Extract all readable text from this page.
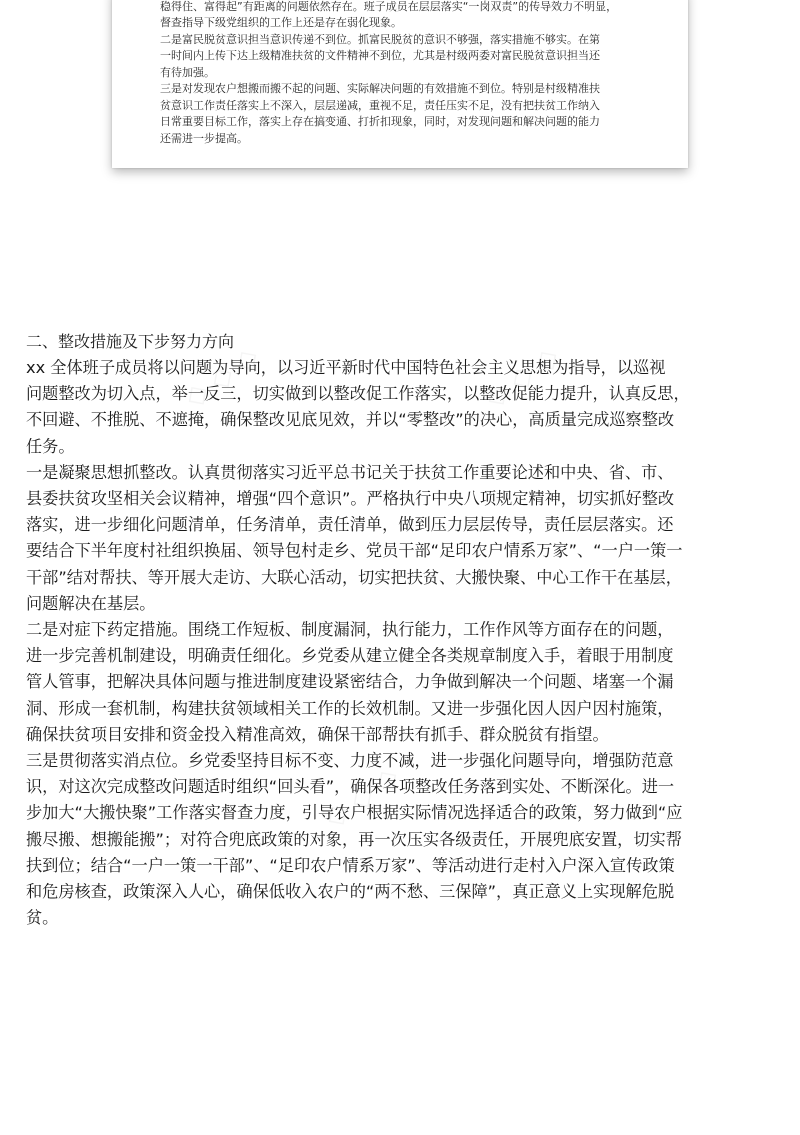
稳得住、富得起”有距离的问题依然存在。班子成员在层层落实“一岗双责”的传导效力不明显，
督查指导下级党组织的工作上还是存在弱化现象。
二是富民脱贫意识担当意识传递不到位。抓富民脱贫的意识不够强，落实措施不够实。在第
一时间内上传下达上级精准扶贫的文件精神不到位，尤其是村级两委对富民脱贫意识担当还
有待加强。
三是对发现农户想搬而搬不起的问题、实际解决问题的有效措施不到位。特别是村级精准扶
贫意识工作责任落实上不深入，层层递减，重视不足，责任压实不足，没有把扶贫工作纳入
日常重要目标工作，落实上存在搞变通、打折扣现象，同时，对发现问题和解决问题的能力
还需进一步提高。
◇ ◇ ◇	◇ ◇ ◇
◇ ◇ ◇
二、整改措施及下步努力方向
xx 全体班子成员将以问题为导向，以习近平新时代中国特色社会主义思想为指导，以巡视
问题整改为切入点，举一反三，切实做到以整改促工作落实，以整改促能力提升，认真反思，
不回避、不推脱、不遮掩，确保整改见底见效，并以“零整改”的决心，高质量完成巡察整改
任务。
一是凝聚思想抓整改。认真贯彻落实习近平总书记关于扶贫工作重要论述和中央、省、市、
县委扶贫攻坚相关会议精神，增强“四个意识”。严格执行中央八项规定精神，切实抓好整改
落实，进一步细化问题清单，任务清单，责任清单，做到压力层层传导，责任层层落实。还
要结合下半年度村社组织换届、领导包村走乡、党员干部“足印农户情系万家”、“一户一策一
干部”结对帮扶、等开展大走访、大联心活动，切实把扶贫、大搬快聚、中心工作干在基层，
问题解决在基层。
二是对症下药定措施。围绕工作短板、制度漏洞，执行能力，工作作风等方面存在的问题，
进一步完善机制建设，明确责任细化。乡党委从建立健全各类规章制度入手，着眼于用制度
管人管事，把解决具体问题与推进制度建设紧密结合，力争做到解决一个问题、堵塞一个漏
洞、形成一套机制，构建扶贫领域相关工作的长效机制。又进一步强化因人因户因村施策，
确保扶贫项目安排和资金投入精准高效，确保干部帮扶有抓手、群众脱贫有指望。
三是贯彻落实消点位。乡党委坚持目标不变、力度不减，进一步强化问题导向，增强防范意
识，对这次完成整改问题适时组织“回头看”，确保各项整改任务落到实处、不断深化。进一
步加大“大搬快聚”工作落实督查力度，引导农户根据实际情况选择适合的政策，努力做到“应
搬尽搬、想搬能搬”；对符合兜底政策的对象，再一次压实各级责任，开展兜底安置，切实帮
扶到位；结合“一户一策一干部”、“足印农户情系万家”、等活动进行走村入户深入宣传政策
和危房核查，政策深入人心，确保低收入农户的“两不愁、三保障”，真正意义上实现解危脱
贫。
